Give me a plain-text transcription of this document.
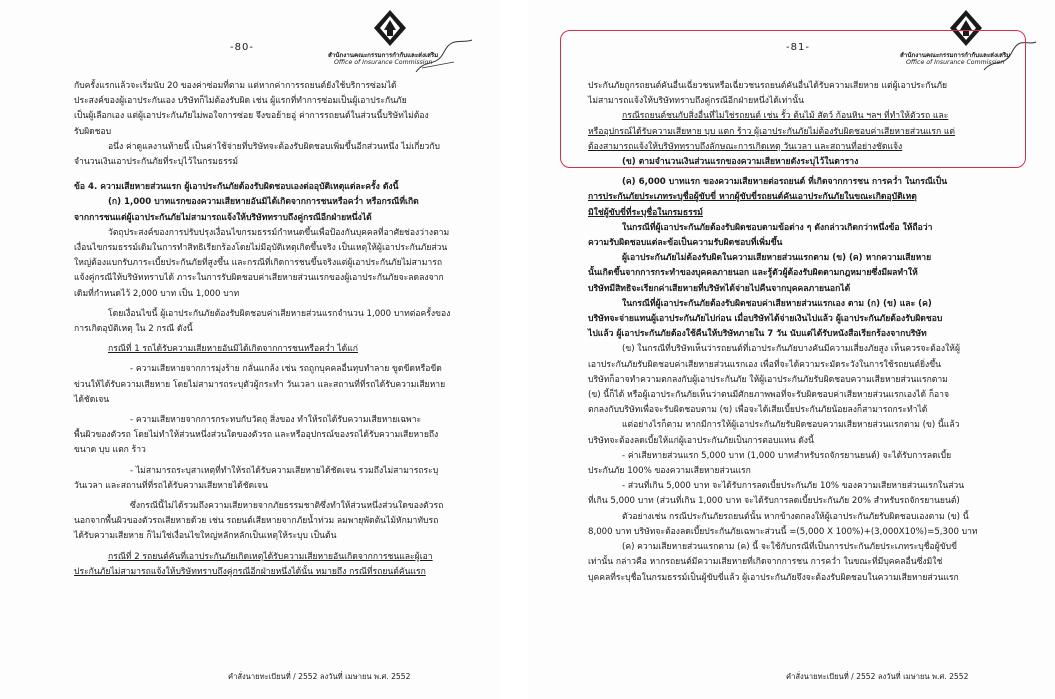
-80-
สำนักงานคณะกรรมการกำกับและส่งเสริม
Office of Insurance Commission
กับครั้งแรกแล้วจะเริ่มนับ 20 ของค่าซ่อมที่ตาม แต่หากค่าการรถยนต์ยังใช้บริการซ่อมได้
ประสงค์ของผู้เอาประกันเอง บริษัทก็ไม่ต้องรับผิด เช่น ผู้แรกที่ทำการซ่อมเป็นผู้เอาประกันภัย
เป็นผู้เลือกเอง แต่ผู้เอาประกันภัยไม่พอใจการซ่อย จึงขอย้ายอู่ ค่าการรถยนต์ในส่วนนี้บริษัทไม่ต้อง
รับผิดชอบ
อนึ่ง ค่าดูแลงานท้ายนี้ เป็นค่าใช้จ่ายที่บริษัทจะต้องรับผิดชอบเพิ่มขึ้นอีกส่วนหนึ่ง ไม่เกี่ยวกับ
จำนวนเงินเอาประกันภัยที่ระบุไว้ในกรมธรรม์
ข้อ 4. ความเสียหายส่วนแรก ผู้เอาประกันภัยต้องรับผิดชอบเองต่ออุบัติเหตุแต่ละครั้ง ดังนี้
(ก) 1,000 บาทแรกของความเสียหายอันมิได้เกิดจากการชนหรือคว่ำ หรือกรณีที่เกิด
จากการชนแต่ผู้เอาประกันภัยไม่สามารถแจ้งให้บริษัททราบถึงคู่กรณีอีกฝ่ายหนึ่งได้
วัตถุประสงค์ของการปรับปรุงเงื่อนไขกรมธรรม์กำหนดขึ้นเพื่อป้องกันบุคคลที่อาศัยช่องว่างตาม
เงื่อนไขกรมธรรม์เดิมในการทำสิทธิเรียกร้องโดยไม่มีอุบัติเหตุเกิดขึ้นจริง เป็นเหตุให้ผู้เอาประกันภัยส่วน
ใหญ่ต้องแบกรับภาระเบี้ยประกันภัยที่สูงขึ้น และกรณีที่เกิดการชนขึ้นจริงแต่ผู้เอาประกันภัยไม่สามารถ
แจ้งคู่กรณีให้บริษัททราบได้ ภาระในการรับผิดชอบค่าเสียหายส่วนแรกของผู้เอาประกันภัยจะลดลงจาก
เดิมที่กำหนดไว้ 2,000 บาท เป็น 1,000 บาท
โดยเงื่อนไขนี้ ผู้เอาประกันภัยต้องรับผิดชอบค่าเสียหายส่วนแรกจำนวน 1,000 บาทต่อครั้งของ
การเกิดอุบัติเหตุ ใน 2 กรณี ดังนี้
กรณีที่ 1 รถได้รับความเสียหายอันมิได้เกิดจากการชนหรือคว่ำ ได้แก่
- ความเสียหายจากการมุ่งร้าย กลั่นแกล้ง เช่น รถถูกบุคคลอื่นทุบทำลาย ขูดขีดหรือขีด
ข่วนให้ได้รับความเสียหาย โดยไม่สามารถระบุตัวผู้กระทำ วันเวลา และสถานที่ที่รถได้รับความเสียหาย
ได้ชัดเจน
- ความเสียหายจากการกระทบกับวัตถุ สิ่งของ ทำให้รถได้รับความเสียหายเฉพาะ
พื้นผิวของตัวรถ โดยไม่ทำให้ส่วนหนึ่งส่วนใดของตัวรถ และหรืออุปกรณ์ของรถได้รับความเสียหายถึง
ขนาด บุบ แตก ร้าว
- ไม่สามารถระบุสาเหตุที่ทำให้รถได้รับความเสียหายได้ชัดเจน รวมถึงไม่สามารถระบุ
วันเวลา และสถานที่ที่รถได้รับความเสียหายได้ชัดเจน
ซึ่งกรณีนี้ไม่ได้รวมถึงความเสียหายจากภัยธรรมชาติซึ่งทำให้ส่วนหนึ่งส่วนใดของตัวรถ
นอกจากพื้นผิวของตัวรถเสียหายด้วย เช่น รถยนต์เสียหายจากภัยน้ำท่วม ลมพายุพัดต้นไม้หักมาทับรถ
ได้รับความเสียหาย ก็ไม่ใช่เงื่อนไขใหญ่หลักหลักเป็นเหตุให้ระบุบ เป็นต้น
กรณีที่ 2 รถยนต์คันที่เอาประกันภัยเกิดเหตุได้รับความเสียหายอันเกิดจากการชนและผู้เอา
ประกันภัยไม่สามารถแจ้งให้บริษัททราบถึงคู่กรณีอีกฝ่ายหนึ่งได้นั้น หมายถึง กรณีที่รถยนต์คันแรก
คำสั่งนายทะเบียนที่ / 2552 ลงวันที่ เมษายน พ.ศ. 2552
-81-
สำนักงานคณะกรรมการกำกับและส่งเสริม
Office of Insurance Commission
ประกันภัยถูกรถยนต์คันอื่นเฉี่ยวชนหรือเฉี่ยวชนรถยนต์คันอื่นได้รับความเสียหาย แต่ผู้เอาประกันภัย
ไม่สามารถแจ้งให้บริษัททราบถึงคู่กรณีอีกฝ่ายหนึ่งได้เท่านั้น
กรณีรถยนต์ชนกับสิ่งอื่นที่ไม่ใช่รถยนต์ เช่น รั้ว ต้นไม้ สัตว์ ก้อนหิน ฯลฯ ที่ทำให้ตัวรถ และ
หรืออุปกรณ์ได้รับความเสียหาย บุบ แตก ร้าว ผู้เอาประกันภัยไม่ต้องรับผิดชอบค่าเสียหายส่วนแรก แต่
ต้องสามารถแจ้งให้บริษัททราบถึงลักษณะการเกิดเหตุ วันเวลา และสถานที่อย่างชัดแจ้ง
(ข) ตามจำนวนเงินส่วนแรกของความเสียหายดังระบุไว้ในตาราง
(ค) 6,000 บาทแรก ของความเสียหายต่อรถยนต์ ที่เกิดจากการชน การคว่ำ ในกรณีเป็น
การประกันภัยประเภทระบุชื่อผู้ขับขี่ หากผู้ขับขี่รถยนต์คันเอาประกันภัยในขณะเกิดอุบัติเหตุ
มิใช่ผู้ขับขี่ที่ระบุชื่อในกรมธรรม์
ในกรณีที่ผู้เอาประกันภัยต้องรับผิดชอบตามข้อต่าง ๆ ดังกล่าวเกิดกว่าหนึ่งข้อ ให้ถือว่า
ความรับผิดชอบแต่ละข้อเป็นความรับผิดชอบที่เพิ่มขึ้น
ผู้เอาประกันภัยไม่ต้องรับผิดในความเสียหายส่วนแรกตาม (ข) (ค) หากความเสียหาย
นั้นเกิดขึ้นจากการกระทำของบุคคลภายนอก และรู้ตัวผู้ต้องรับผิดตามกฎหมายซึ่งมีผลทำให้
บริษัทมีสิทธิจะเรียกค่าเสียหายที่บริษัทได้จ่ายไปคืนจากบุคคลภายนอกได้
ในกรณีที่ผู้เอาประกันภัยต้องรับผิดชอบค่าเสียหายส่วนแรกเอง ตาม (ก) (ข) และ (ค)
บริษัทจะจ่ายแทนผู้เอาประกันภัยไปก่อน เมื่อบริษัทได้จ่ายเงินไปแล้ว ผู้เอาประกันภัยต้องรับผิดชอบ
ไปแล้ว ผู้เอาประกันภัยต้องใช้คืนให้บริษัทภายใน 7 วัน นับแต่ได้รับหนังสือเรียกร้องจากบริษัท
(ข) ในกรณีที่บริษัทเห็นว่ารถยนต์ที่เอาประกันภัยบางคันมีความเสี่ยงภัยสูง เห็นควรจะต้องให้ผู้
เอาประกันภัยรับผิดชอบค่าเสียหายส่วนแรกเอง เพื่อที่จะได้ความระมัดระวังในการใช้รถยนต์ยิ่งขึ้น
บริษัทก็อาจทำความตกลงกับผู้เอาประกันภัย ให้ผู้เอาประกันภัยรับผิดชอบความเสียหายส่วนแรกตาม
(ข) นี้ก็ได้ หรือผู้เอาประกันภัยเห็นว่าตนมีศักยภาพพอที่จะรับผิดชอบค่าเสียหายส่วนแรกเองได้ ก็อาจ
ตกลงกับบริษัทเพื่อจะรับผิดชอบตาม (ข) เพื่อจะได้เสียเบี้ยประกันภัยน้อยลงก็สามารถกระทำได้
แต่อย่างไรก็ตาม หากมีการให้ผู้เอาประกันภัยรับผิดชอบความเสียหายส่วนแรกตาม (ข) นี้แล้ว
บริษัทจะต้องลดเบี้ยให้แก่ผู้เอาประกันภัยเป็นการตอบแทน ดังนี้
- ค่าเสียหายส่วนแรก 5,000 บาท (1,000 บาทสำหรับรถจักรยานยนต์) จะได้รับการลดเบี้ย
ประกันภัย 100% ของความเสียหายส่วนแรก
- ส่วนที่เกิน 5,000 บาท จะได้รับการลดเบี้ยประกันภัย 10% ของความเสียหายส่วนแรกในส่วน
ที่เกิน 5,000 บาท (ส่วนที่เกิน 1,000 บาท จะได้รับการลดเบี้ยประกันภัย 20% สำหรับรถจักรยานยนต์)
ตัวอย่างเช่น กรณีประกันภัยรถยนต์นั้น หากข้างตกลงให้ผู้เอาประกันภัยรับผิดชอบเองตาม (ข) นี้
8,000 บาท บริษัทจะต้องลดเบี้ยประกันภัยเฉพาะส่วนนี้ =(5,000 X 100%)+(3,000X10%)=5,300 บาท
(ค) ความเสียหายส่วนแรกตาม (ค) นี้ จะใช้กับกรณีที่เป็นการประกันภัยประเภทระบุชื่อผู้ขับขี่
เท่านั้น กล่าวคือ หากรถยนต์มีความเสียหายที่เกิดจากการชน การคว่ำ ในขณะที่มีบุคคลอื่นซึ่งมิใช่
บุคคลที่ระบุชื่อในกรมธรรม์เป็นผู้ขับขี่แล้ว ผู้เอาประกันภัยจึงจะต้องรับผิดชอบในความเสียหายส่วนแรก
คำสั่งนายทะเบียนที่ / 2552 ลงวันที่ เมษายน พ.ศ. 2552
